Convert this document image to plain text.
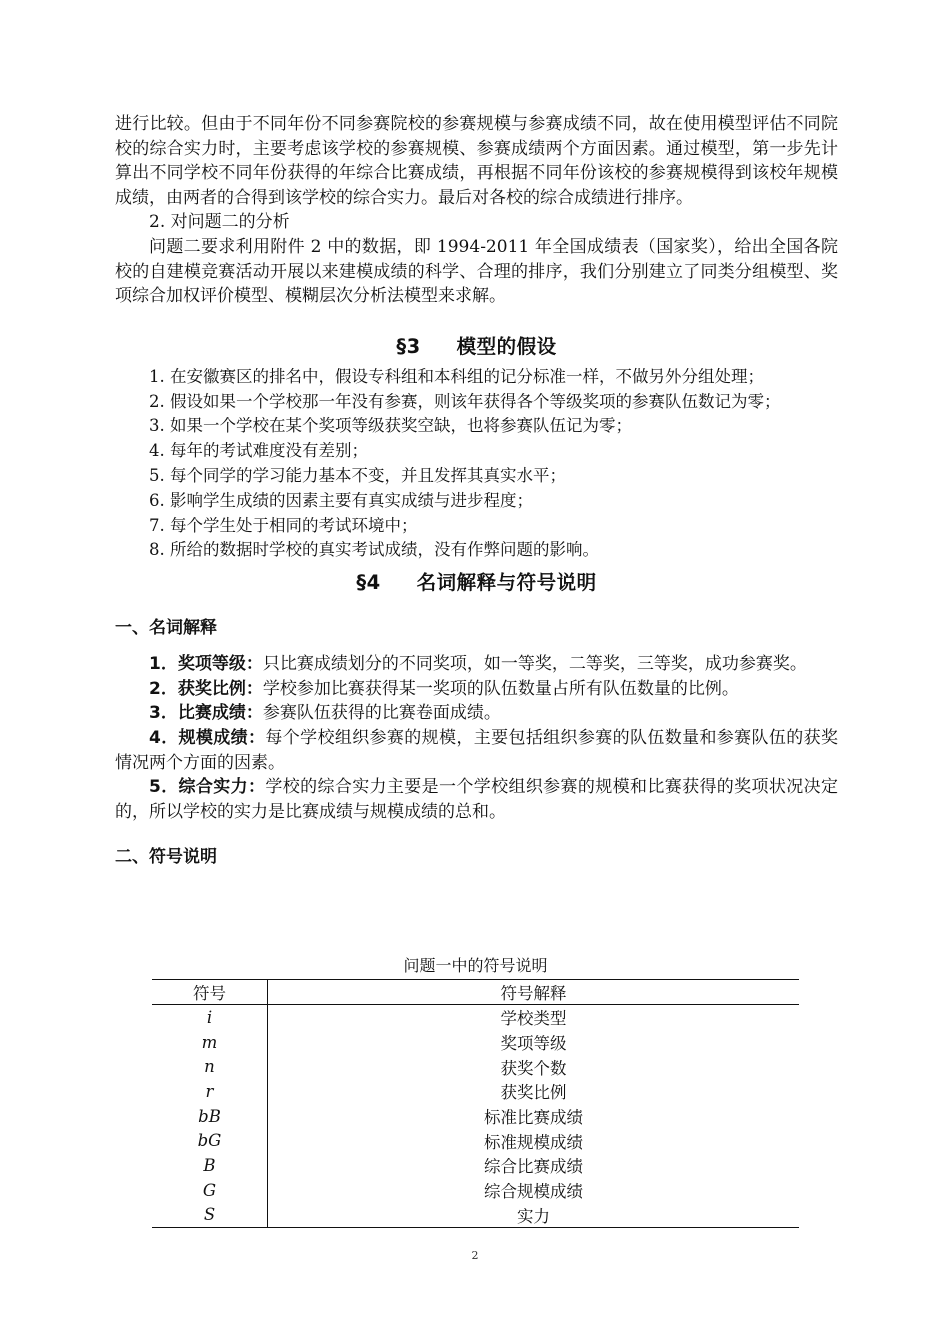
进行比较。但由于不同年份不同参赛院校的参赛规模与参赛成绩不同，故在使用模型评估不同院校的综合实力时，主要考虑该学校的参赛规模、参赛成绩两个方面因素。通过模型，第一步先计算出不同学校不同年份获得的年综合比赛成绩，再根据不同年份该校的参赛规模得到该校年规模成绩，由两者的合得到该学校的综合实力。最后对各校的综合成绩进行排序。

2. 对问题二的分析

问题二要求利用附件 2 中的数据，即 1994-2011 年全国成绩表（国家奖），给出全国各院校的自建模竞赛活动开展以来建模成绩的科学、合理的排序，我们分别建立了同类分组模型、奖项综合加权评价模型、模糊层次分析法模型来求解。

§3 模型的假设

1. 在安徽赛区的排名中，假设专科组和本科组的记分标准一样，不做另外分组处理；
2. 假设如果一个学校那一年没有参赛，则该年获得各个等级奖项的参赛队伍数记为零；
3. 如果一个学校在某个奖项等级获奖空缺，也将参赛队伍记为零；
4. 每年的考试难度没有差别；
5. 每个同学的学习能力基本不变，并且发挥其真实水平；
6. 影响学生成绩的因素主要有真实成绩与进步程度；
7. 每个学生处于相同的考试环境中；
8. 所给的数据时学校的真实考试成绩，没有作弊问题的影响。

§4 名词解释与符号说明

一、名词解释

1．奖项等级：只比赛成绩划分的不同奖项，如一等奖，二等奖，三等奖，成功参赛奖。

2．获奖比例：学校参加比赛获得某一奖项的队伍数量占所有队伍数量的比例。

3．比赛成绩：参赛队伍获得的比赛卷面成绩。

4．规模成绩：每个学校组织参赛的规模，主要包括组织参赛的队伍数量和参赛队伍的获奖情况两个方面的因素。

5．综合实力：学校的综合实力主要是一个学校组织参赛的规模和比赛获得的奖项状况决定的，所以学校的实力是比赛成绩与规模成绩的总和。

二、符号说明

问题一中的符号说明
符号	符号解释
i	学校类型
m	奖项等级
n	获奖个数
r	获奖比例
bB	标准比赛成绩
bG	标准规模成绩
B	综合比赛成绩
G	综合规模成绩
S	实力
2
